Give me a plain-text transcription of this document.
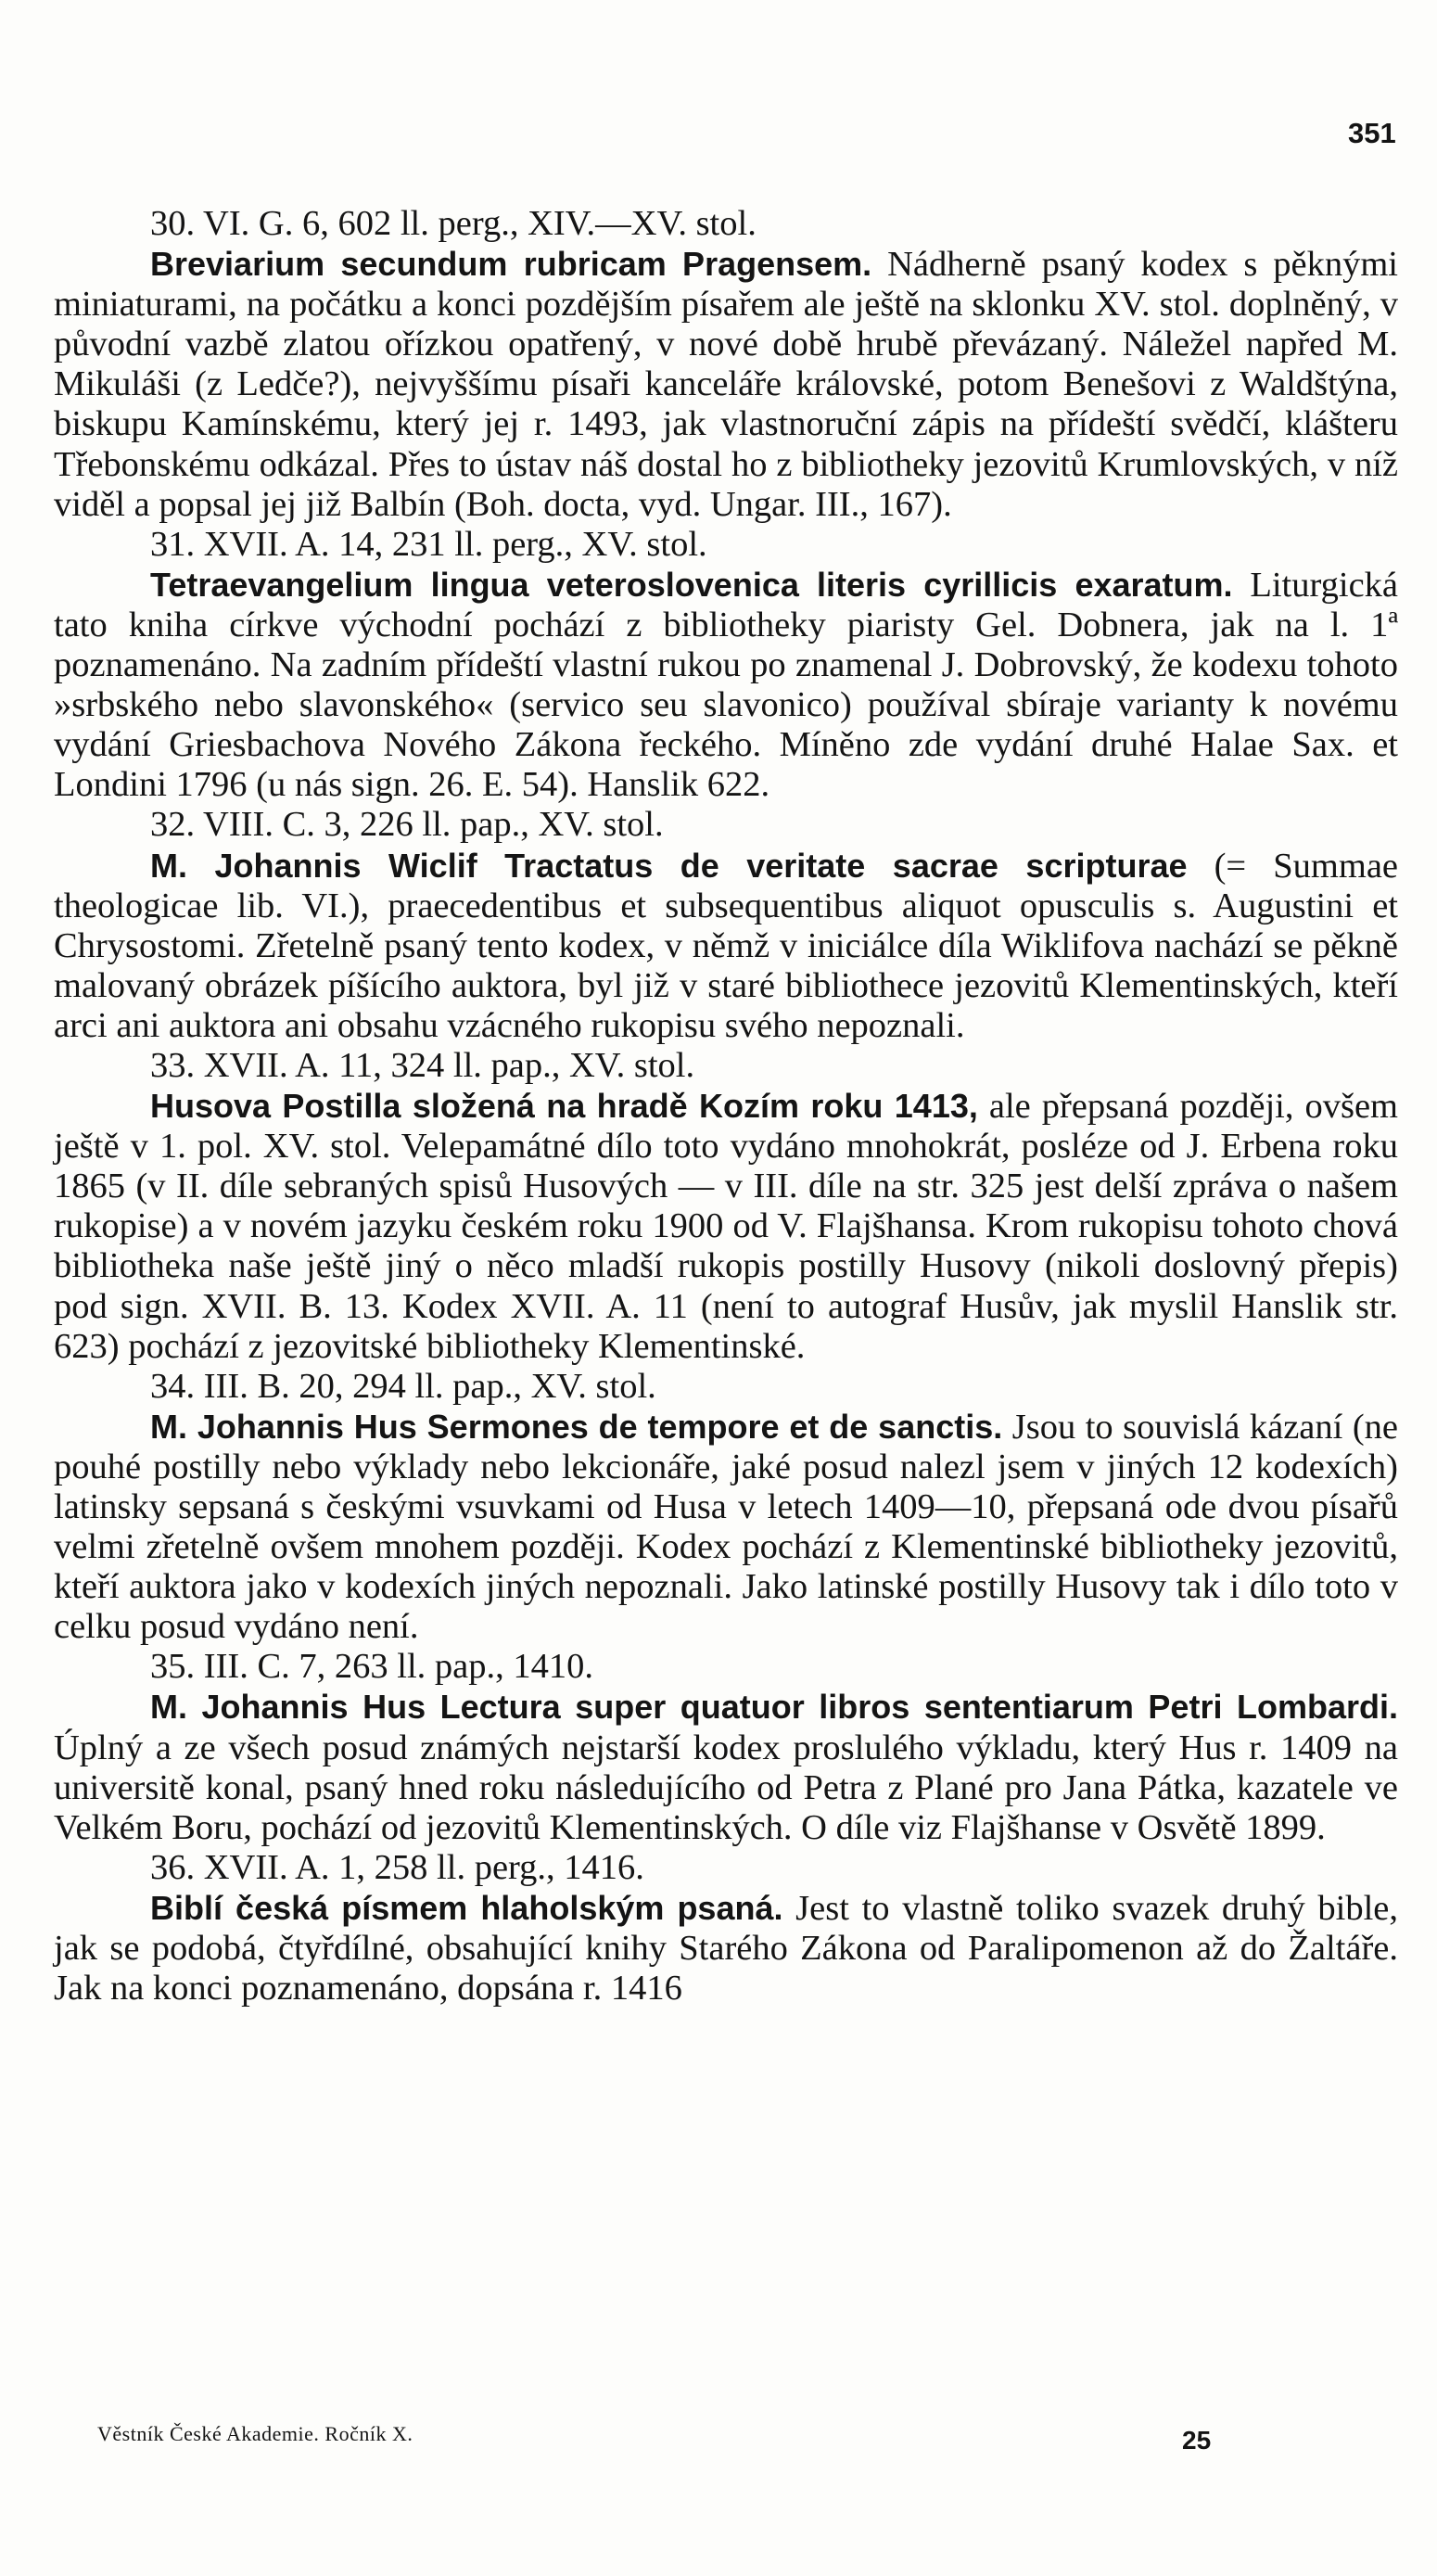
351

30. VI. G. 6, 602 ll. perg., XIV.—XV. stol.

Breviarium secundum rubricam Pragensem. Nádherně psaný kodex s pěknými miniaturami, na počátku a konci pozdějším písařem ale ještě na sklonku XV. stol. doplněný, v původní vazbě zlatou ořízkou opatřený, v nové době hrubě převázaný. Náležel napřed M. Mikuláši (z Ledče?), nejvyššímu písaři kanceláře královské, potom Benešovi z Waldštýna, biskupu Kamínskému, který jej r. 1493, jak vlastnoruční zápis na přídeští svědčí, klášteru Třebonskému odkázal. Přes to ústav náš dostal ho z bibliotheky jezovitů Krumlovských, v níž viděl a popsal jej již Balbín (Boh. docta, vyd. Ungar. III., 167).

31. XVII. A. 14, 231 ll. perg., XV. stol.

Tetraevangelium lingua veteroslovenica literis cyrillicis exaratum. Liturgická tato kniha církve východní pochází z bibliotheky piaristy Gel. Dobnera, jak na l. 1ª poznamenáno. Na zadním přídeští vlastní rukou po znamenal J. Dobrovský, že kodexu tohoto »srbského nebo slavonského« (servico seu slavonico) používal sbíraje varianty k novému vydání Griesbachova Nového Zákona řeckého. Míněno zde vydání druhé Halae Sax. et Londini 1796 (u nás sign. 26. E. 54). Hanslik 622.

32. VIII. C. 3, 226 ll. pap., XV. stol.

M. Johannis Wiclif Tractatus de veritate sacrae scripturae (= Summae theologicae lib. VI.), praecedentibus et subsequentibus aliquot opusculis s. Augustini et Chrysostomi. Zřetelně psaný tento kodex, v němž v iniciálce díla Wiklifova nachází se pěkně malovaný obrázek píšícího auktora, byl již v staré bibliothece jezovitů Klementinských, kteří arci ani auktora ani obsahu vzácného rukopisu svého nepoznali.

33. XVII. A. 11, 324 ll. pap., XV. stol.

Husova Postilla složená na hradě Kozím roku 1413, ale přepsaná později, ovšem ještě v 1. pol. XV. stol. Velepamátné dílo toto vydáno mnohokrát, posléze od J. Erbena roku 1865 (v II. díle sebraných spisů Husových — v III. díle na str. 325 jest delší zpráva o našem rukopise) a v novém jazyku českém roku 1900 od V. Flajšhansa. Krom rukopisu tohoto chová bibliotheka naše ještě jiný o něco mladší rukopis postilly Husovy (nikoli doslovný přepis) pod sign. XVII. B. 13. Kodex XVII. A. 11 (není to autograf Husův, jak myslil Hanslik str. 623) pochází z jezovitské bibliotheky Klementinské.

34. III. B. 20, 294 ll. pap., XV. stol.

M. Johannis Hus Sermones de tempore et de sanctis. Jsou to souvislá kázaní (ne pouhé postilly nebo výklady nebo lekcionáře, jaké posud nalezl jsem v jiných 12 kodexích) latinsky sepsaná s českými vsuvkami od Husa v letech 1409—10, přepsaná ode dvou písařů velmi zřetelně ovšem mnohem později. Kodex pochází z Klementinské bibliotheky jezovitů, kteří auktora jako v kodexích jiných nepoznali. Jako latinské postilly Husovy tak i dílo toto v celku posud vydáno není.

35. III. C. 7, 263 ll. pap., 1410.

M. Johannis Hus Lectura super quatuor libros sententiarum Petri Lombardi. Úplný a ze všech posud známých nejstarší kodex proslulého výkladu, který Hus r. 1409 na universitě konal, psaný hned roku následujícího od Petra z Plané pro Jana Pátka, kazatele ve Velkém Boru, pochází od jezovitů Klementinských. O díle viz Flajšhanse v Osvětě 1899.

36. XVII. A. 1, 258 ll. perg., 1416.

Biblí česká písmem hlaholským psaná. Jest to vlastně toliko svazek druhý bible, jak se podobá, čtyřdílné, obsahující knihy Starého Zákona od Paralipomenon až do Žaltáře. Jak na konci poznamenáno, dopsána r. 1416

Věstník České Akademie. Ročník X.	25
